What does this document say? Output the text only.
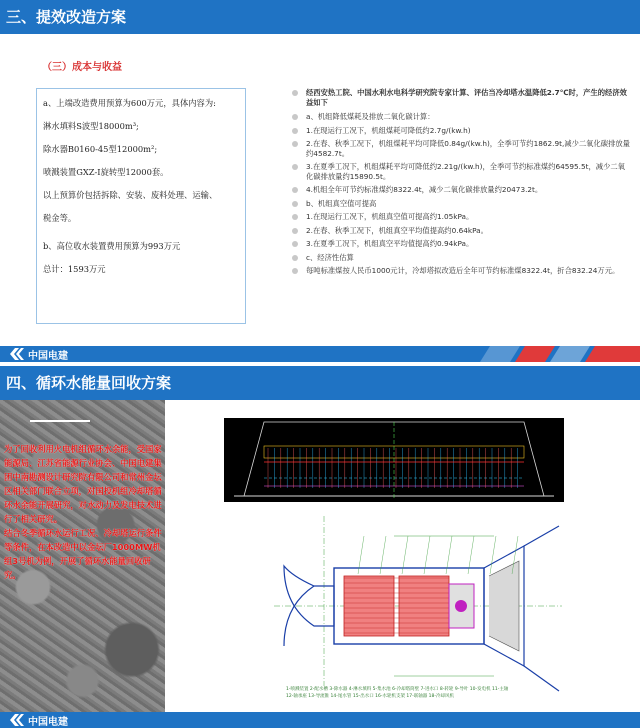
三、提效改造方案
（三）成本与收益

a、上端改造费用预算为600万元，具体内容为:

淋水填料S波型18000m³;

除水器B0160-45型12000m²;

喷溅装置GXZ-Ⅰ旋转型12000套。

以上预算价包括拆除、安装、废料处理、运输、

税金等。

b、高位收水装置费用预算为993万元

总计：1593万元

经西安热工院、中国水利水电科学研究院专家计算、评估当冷却塔水温降低2.7℃时，产生的经济效益如下
a、机组降低煤耗及排放二氧化碳计算：
1.在现运行工况下，机组煤耗可降低约2.7g/(kw.h)
2.在春、秋季工况下，机组煤耗平均可降低0.84g/(kw.h)，全季可节约1862.9t,减少二氧化碳排放量约4582.7t。
3.在夏季工况下，机组煤耗平均可降低约2.21g/(kw.h)，全季可节约标准煤约64595.5t，减少二氧化碳排放量约15890.5t。
4.机组全年可节约标准煤约8322.4t，减少二氧化碳排放量约20473.2t。
b、机组真空值可提高
1.在现运行工况下，机组真空值可提高约1.05kPa。
2.在春、秋季工况下，机组真空平均值提高约0.64kPa。
3.在夏季工况下，机组真空平均值提高约0.94kPa。
c、经济性估算
每吨标准煤按人民币1000元计，冷却塔拟改造后全年可节约标准煤8322.4t，折合832.24万元。
中国电建
四、循环水能量回收方案

为了回收利用火电机组循环水余能，受国家能源局、江苏省能源行业协会、中国电建集团中南勘测设计研究院有限公司和常州金坛区相关部门联合立项，对国投机组冷却塔循环水余能开展研究，对水动力及发电技术进行了相关研究。

结合冬季循环水运行工况、冷却塔运行条件等条件，在本改造中以金坛厂1000MW机组3号机为例，开展了循环水能量回收研究。

1-喷溅装置 2-配水槽 3-除水器 4-淋水填料 5-集水池 6-冷却塔筒壁 7-进水口 8-转轮 9-导叶 10-发电机 11-主轴
12-轴承座 13-导流锥 14-尾水管 15-出水口 16-水轮机支架 17-联轴器 18-冷却风机
中国电建
